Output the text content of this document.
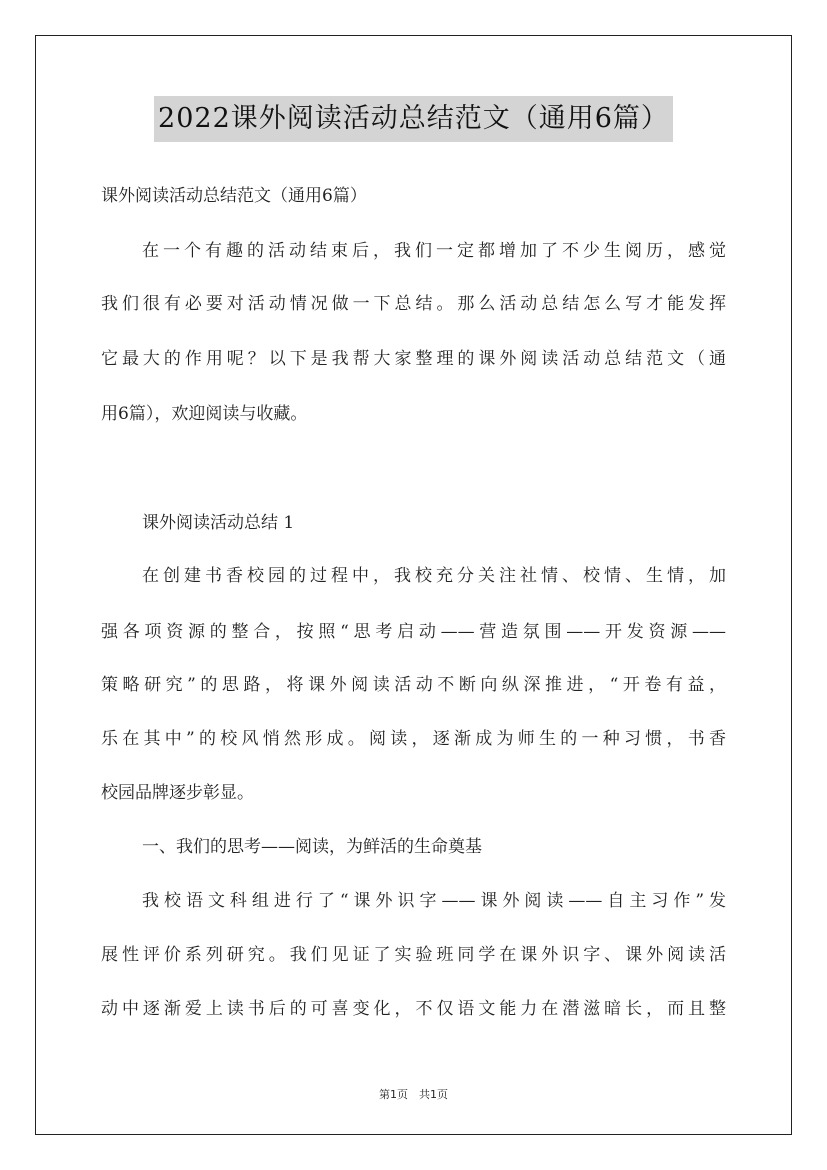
2022课外阅读活动总结范文（通用6篇）
课外阅读活动总结范文（通用6篇）
在一个有趣的活动结束后，我们一定都增加了不少生阅历，感觉
我们很有必要对活动情况做一下总结。那么活动总结怎么写才能发挥
它最大的作用呢？以下是我帮大家整理的课外阅读活动总结范文（通
用6篇），欢迎阅读与收藏。
课外阅读活动总结 1
在创建书香校园的过程中，我校充分关注社情、校情、生情，加
强各项资源的整合，按照“思考启动——营造氛围——开发资源——
策略研究”的思路，将课外阅读活动不断向纵深推进，“开卷有益，
乐在其中”的校风悄然形成。阅读，逐渐成为师生的一种习惯，书香
校园品牌逐步彰显。
一、我们的思考——阅读，为鲜活的生命奠基
我校语文科组进行了“课外识字——课外阅读——自主习作”发
展性评价系列研究。我们见证了实验班同学在课外识字、课外阅读活
动中逐渐爱上读书后的可喜变化，不仅语文能力在潜滋暗长，而且整
第1页　共1页
